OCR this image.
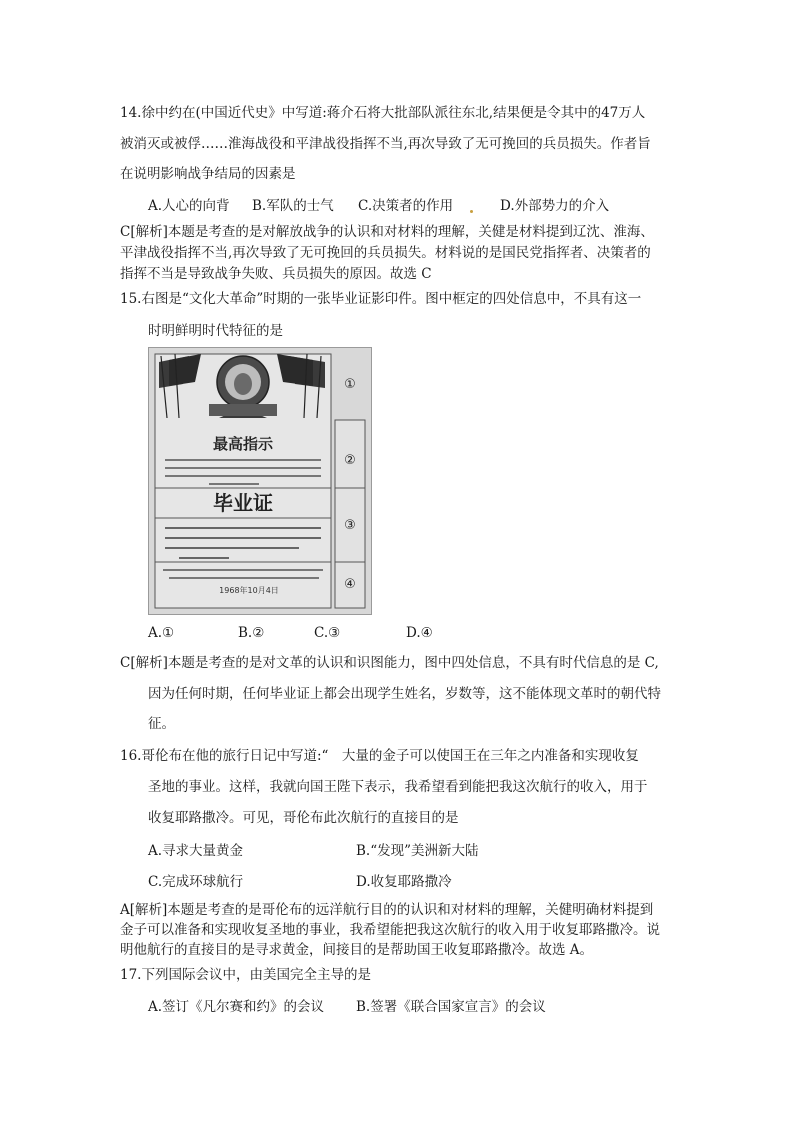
14.徐中约在(中国近代史》中写道:蒋介石将大批部队派往东北,结果便是令其中的47万人
被消灭或被俘……淮海战役和平津战役指挥不当,再次导致了无可挽回的兵员损失。作者旨
在说明影响战争结局的因素是
A.人心的向背 B.军队的士气 C.决策者的作用	D.外部势力的介入
C[解析]本题是考查的是对解放战争的认识和对材料的理解，关健是材料提到辽沈、淮海、
平津战役指挥不当,再次导致了无可挽回的兵员损失。材料说的是国民党指挥者、决策者的
指挥不当是导致战争失败、兵员损失的原因。故选 C
15.右图是“文化大革命”时期的一张毕业证影印件。图中框定的四处信息中，不具有这一
时明鲜明时代特征的是
最高指示
毕业证
1968年10月4日
②
③
④
①
A.①	B.②	C.③	D.④
C[解析]本题是考查的是对文革的认识和识图能力，图中四处信息，不具有时代信息的是 C,
因为任何时期，任何毕业证上都会出现学生姓名，岁数等，这不能体现文革时的朝代特
征。
16.哥伦布在他的旅行日记中写道:“　大量的金子可以使国王在三年之内准备和实现收复
圣地的事业。这样，我就向国王陛下表示，我希望看到能把我这次航行的收入，用于
收复耶路撒冷。可见，哥伦布此次航行的直接目的是
A.寻求大量黄金	B.“发现”美洲新大陆
C.完成环球航行	D.收复耶路撒冷
A[解析]本题是考查的是哥伦布的远洋航行目的的认识和对材料的理解，关健明确材料提到
金子可以准备和实现收复圣地的事业，我希望能把我这次航行的收入用于收复耶路撒冷。说
明他航行的直接目的是寻求黄金，间接目的是帮助国王收复耶路撒冷。故选 A。
17.下列国际会议中，由美国完全主导的是
A.签订《凡尔赛和约》的会议 B.签署《联合国家宣言》的会议
